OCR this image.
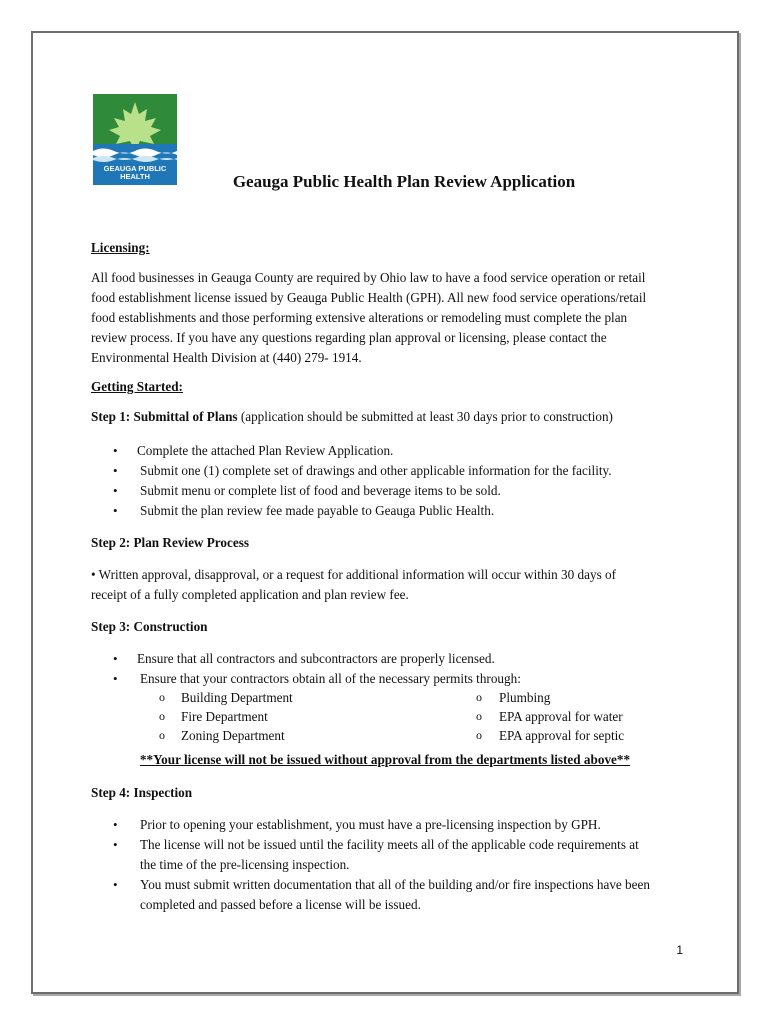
GEAUGA PUBLIC
HEALTH	Geauga Public Health Plan Review Application
Licensing:
All food businesses in Geauga County are required by Ohio law to have a food service operation or retail
food establishment license issued by Geauga Public Health (GPH). All new food service operations/retail
food establishments and those performing extensive alterations or remodeling must complete the plan
review process. If you have any questions regarding plan approval or licensing, please contact the
Environmental Health Division at (440) 279- 1914.
Getting Started:
Step 1: Submittal of Plans (application should be submitted at least 30 days prior to construction)
• Complete the attached Plan Review Application.
• Submit one (1) complete set of drawings and other applicable information for the facility.
• Submit menu or complete list of food and beverage items to be sold.
• Submit the plan review fee made payable to Geauga Public Health.
Step 2: Plan Review Process
• Written approval, disapproval, or a request for additional information will occur within 30 days of
receipt of a fully completed application and plan review fee.
Step 3: Construction
• Ensure that all contractors and subcontractors are properly licensed.
• Ensure that your contractors obtain all of the necessary permits through:
o Building Department
o Fire Department
o Zoning Department
o Plumbing
o EPA approval for water
o EPA approval for septic
**Your license will not be issued without approval from the departments listed above**
Step 4: Inspection
• Prior to opening your establishment, you must have a pre-licensing inspection by GPH.
• The license will not be issued until the facility meets all of the applicable code requirements at
the time of the pre-licensing inspection.
• You must submit written documentation that all of the building and/or fire inspections have been
completed and passed before a license will be issued.
1
